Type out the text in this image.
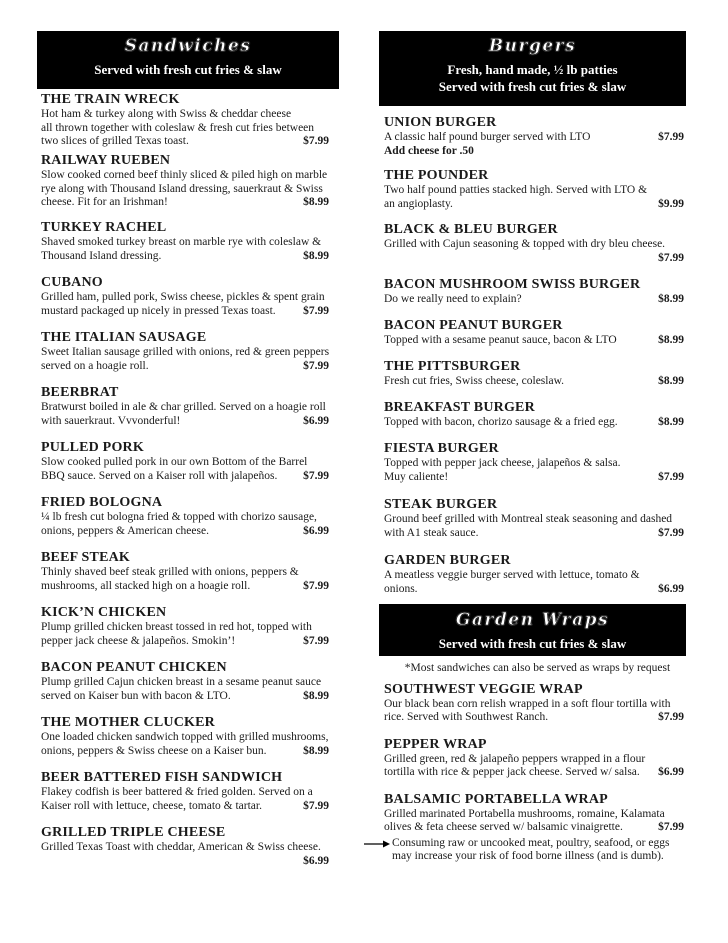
Sandwiches
Served with fresh cut fries & slaw
THE TRAIN WRECK
Hot ham & turkey along with Swiss & cheddar cheese
all thrown together with coleslaw & fresh cut fries between
two slices of grilled Texas toast.	$7.99
RAILWAY RUEBEN
Slow cooked corned beef thinly sliced & piled high on marble
rye along with Thousand Island dressing, sauerkraut & Swiss
cheese. Fit for an Irishman!	$8.99
TURKEY RACHEL
Shaved smoked turkey breast on marble rye with coleslaw &
Thousand Island dressing.	$8.99
CUBANO
Grilled ham, pulled pork, Swiss cheese, pickles & spent grain
mustard packaged up nicely in pressed Texas toast. $7.99
THE ITALIAN SAUSAGE
Sweet Italian sausage grilled with onions, red & green peppers
served on a hoagie roll.	$7.99
BEERBRAT
Bratwurst boiled in ale & char grilled. Served on a hoagie roll
with sauerkraut. Vvvonderful!	$6.99
PULLED PORK
Slow cooked pulled pork in our own Bottom of the Barrel
BBQ sauce. Served on a Kaiser roll with jalapeños. $7.99
FRIED BOLOGNA
¼ lb fresh cut bologna fried & topped with chorizo sausage,
onions, peppers & American cheese.	$6.99
BEEF STEAK
Thinly shaved beef steak grilled with onions, peppers &
mushrooms, all stacked high on a hoagie roll.	$7.99
KICK’N CHICKEN
Plump grilled chicken breast tossed in red hot, topped with
pepper jack cheese & jalapeños. Smokin’!	$7.99
BACON PEANUT CHICKEN
Plump grilled Cajun chicken breast in a sesame peanut sauce
served on Kaiser bun with bacon & LTO.	$8.99
THE MOTHER CLUCKER
One loaded chicken sandwich topped with grilled mushrooms,
onions, peppers & Swiss cheese on a Kaiser bun.	$8.99
BEER BATTERED FISH SANDWICH
Flakey codfish is beer battered & fried golden. Served on a
Kaiser roll with lettuce, cheese, tomato & tartar.	$7.99
GRILLED TRIPLE CHEESE
Grilled Texas Toast with cheddar, American & Swiss cheese.
$6.99
Burgers
Fresh, hand made, ½ lb patties
Served with fresh cut fries & slaw
UNION BURGER
A classic half pound burger served with LTO	$7.99
Add cheese for .50
THE POUNDER
Two half pound patties stacked high. Served with LTO &
an angioplasty.	$9.99
BLACK & BLEU BURGER
Grilled with Cajun seasoning & topped with dry bleu cheese.
$7.99
BACON MUSHROOM SWISS BURGER
Do we really need to explain?	$8.99
BACON PEANUT BURGER
Topped with a sesame peanut sauce, bacon & LTO	$8.99
THE PITTSBURGER
Fresh cut fries, Swiss cheese, coleslaw.	$8.99
BREAKFAST BURGER
Topped with bacon, chorizo sausage & a fried egg.	$8.99
FIESTA BURGER
Topped with pepper jack cheese, jalapeños & salsa.
Muy caliente!	$7.99
STEAK BURGER
Ground beef grilled with Montreal steak seasoning and dashed
with A1 steak sauce.	$7.99
GARDEN BURGER
A meatless veggie burger served with lettuce, tomato &
onions.	$6.99
Garden Wraps
Served with fresh cut fries & slaw
*Most sandwiches can also be served as wraps by request
SOUTHWEST VEGGIE WRAP
Our black bean corn relish wrapped in a soft flour tortilla with
rice. Served with Southwest Ranch.	$7.99
PEPPER WRAP
Grilled green, red & jalapeño peppers wrapped in a flour
tortilla with rice & pepper jack cheese. Served w/ salsa. $6.99
BALSAMIC PORTABELLA WRAP
Grilled marinated Portabella mushrooms, romaine, Kalamata
olives & feta cheese served w/ balsamic vinaigrette.	$7.99
Consuming raw or uncooked meat, poultry, seafood, or eggs
may increase your risk of food borne illness (and is dumb).
